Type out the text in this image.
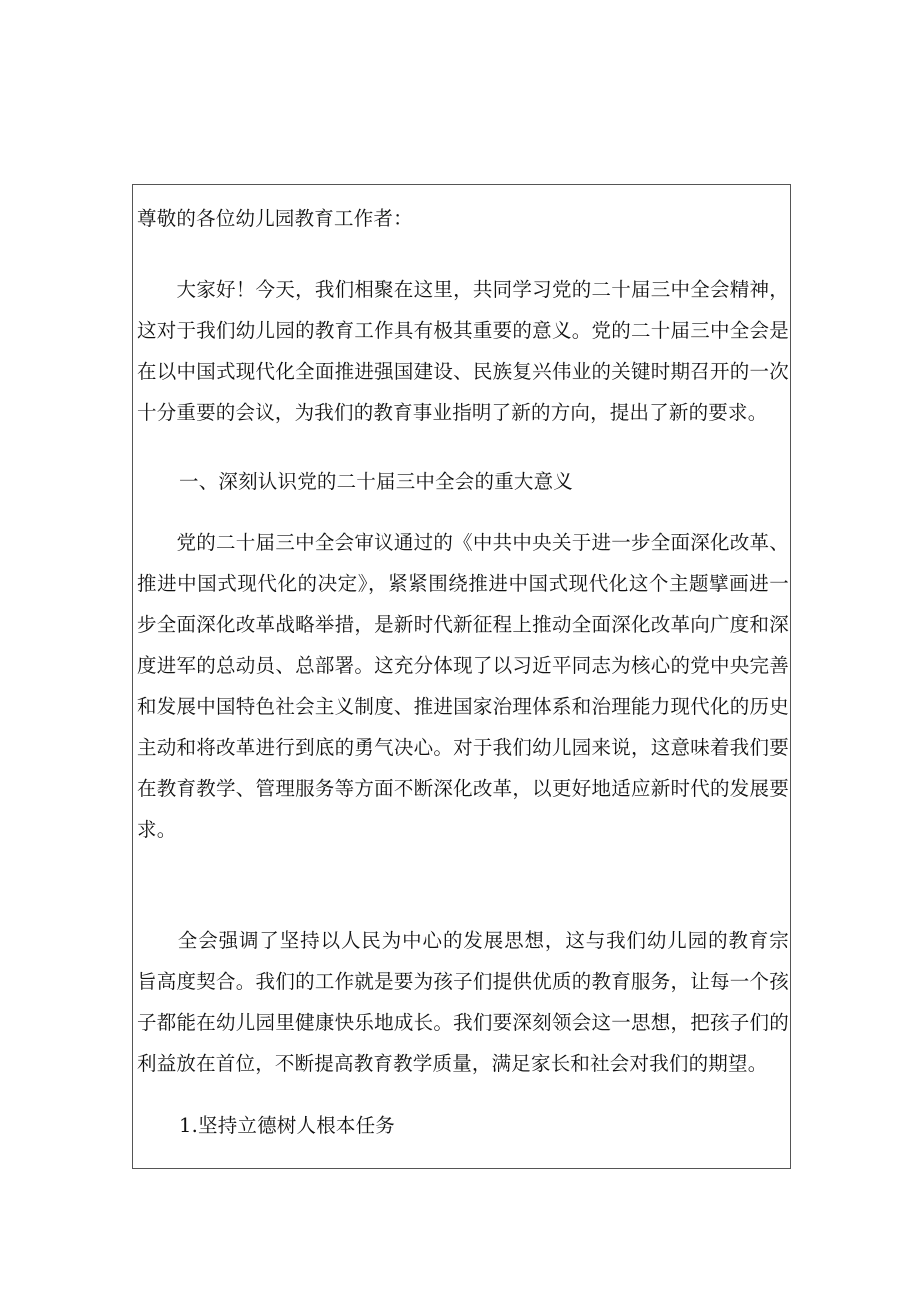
尊敬的各位幼儿园教育工作者：

　　大家好！今天，我们相聚在这里，共同学习党的二十届三中全会精神，
这对于我们幼儿园的教育工作具有极其重要的意义。党的二十届三中全会是
在以中国式现代化全面推进强国建设、民族复兴伟业的关键时期召开的一次
十分重要的会议，为我们的教育事业指明了新的方向，提出了新的要求。

一、深刻认识党的二十届三中全会的重大意义

　　党的二十届三中全会审议通过的《中共中央关于进一步全面深化改革、
推进中国式现代化的决定》，紧紧围绕推进中国式现代化这个主题擘画进一
步全面深化改革战略举措，是新时代新征程上推动全面深化改革向广度和深
度进军的总动员、总部署。这充分体现了以习近平同志为核心的党中央完善
和发展中国特色社会主义制度、推进国家治理体系和治理能力现代化的历史
主动和将改革进行到底的勇气决心。对于我们幼儿园来说，这意味着我们要
在教育教学、管理服务等方面不断深化改革，以更好地适应新时代的发展要
求。

　　全会强调了坚持以人民为中心的发展思想，这与我们幼儿园的教育宗
旨高度契合。我们的工作就是要为孩子们提供优质的教育服务，让每一个孩
子都能在幼儿园里健康快乐地成长。我们要深刻领会这一思想，把孩子们的
利益放在首位，不断提高教育教学质量，满足家长和社会对我们的期望。

1.坚持立德树人根本任务
